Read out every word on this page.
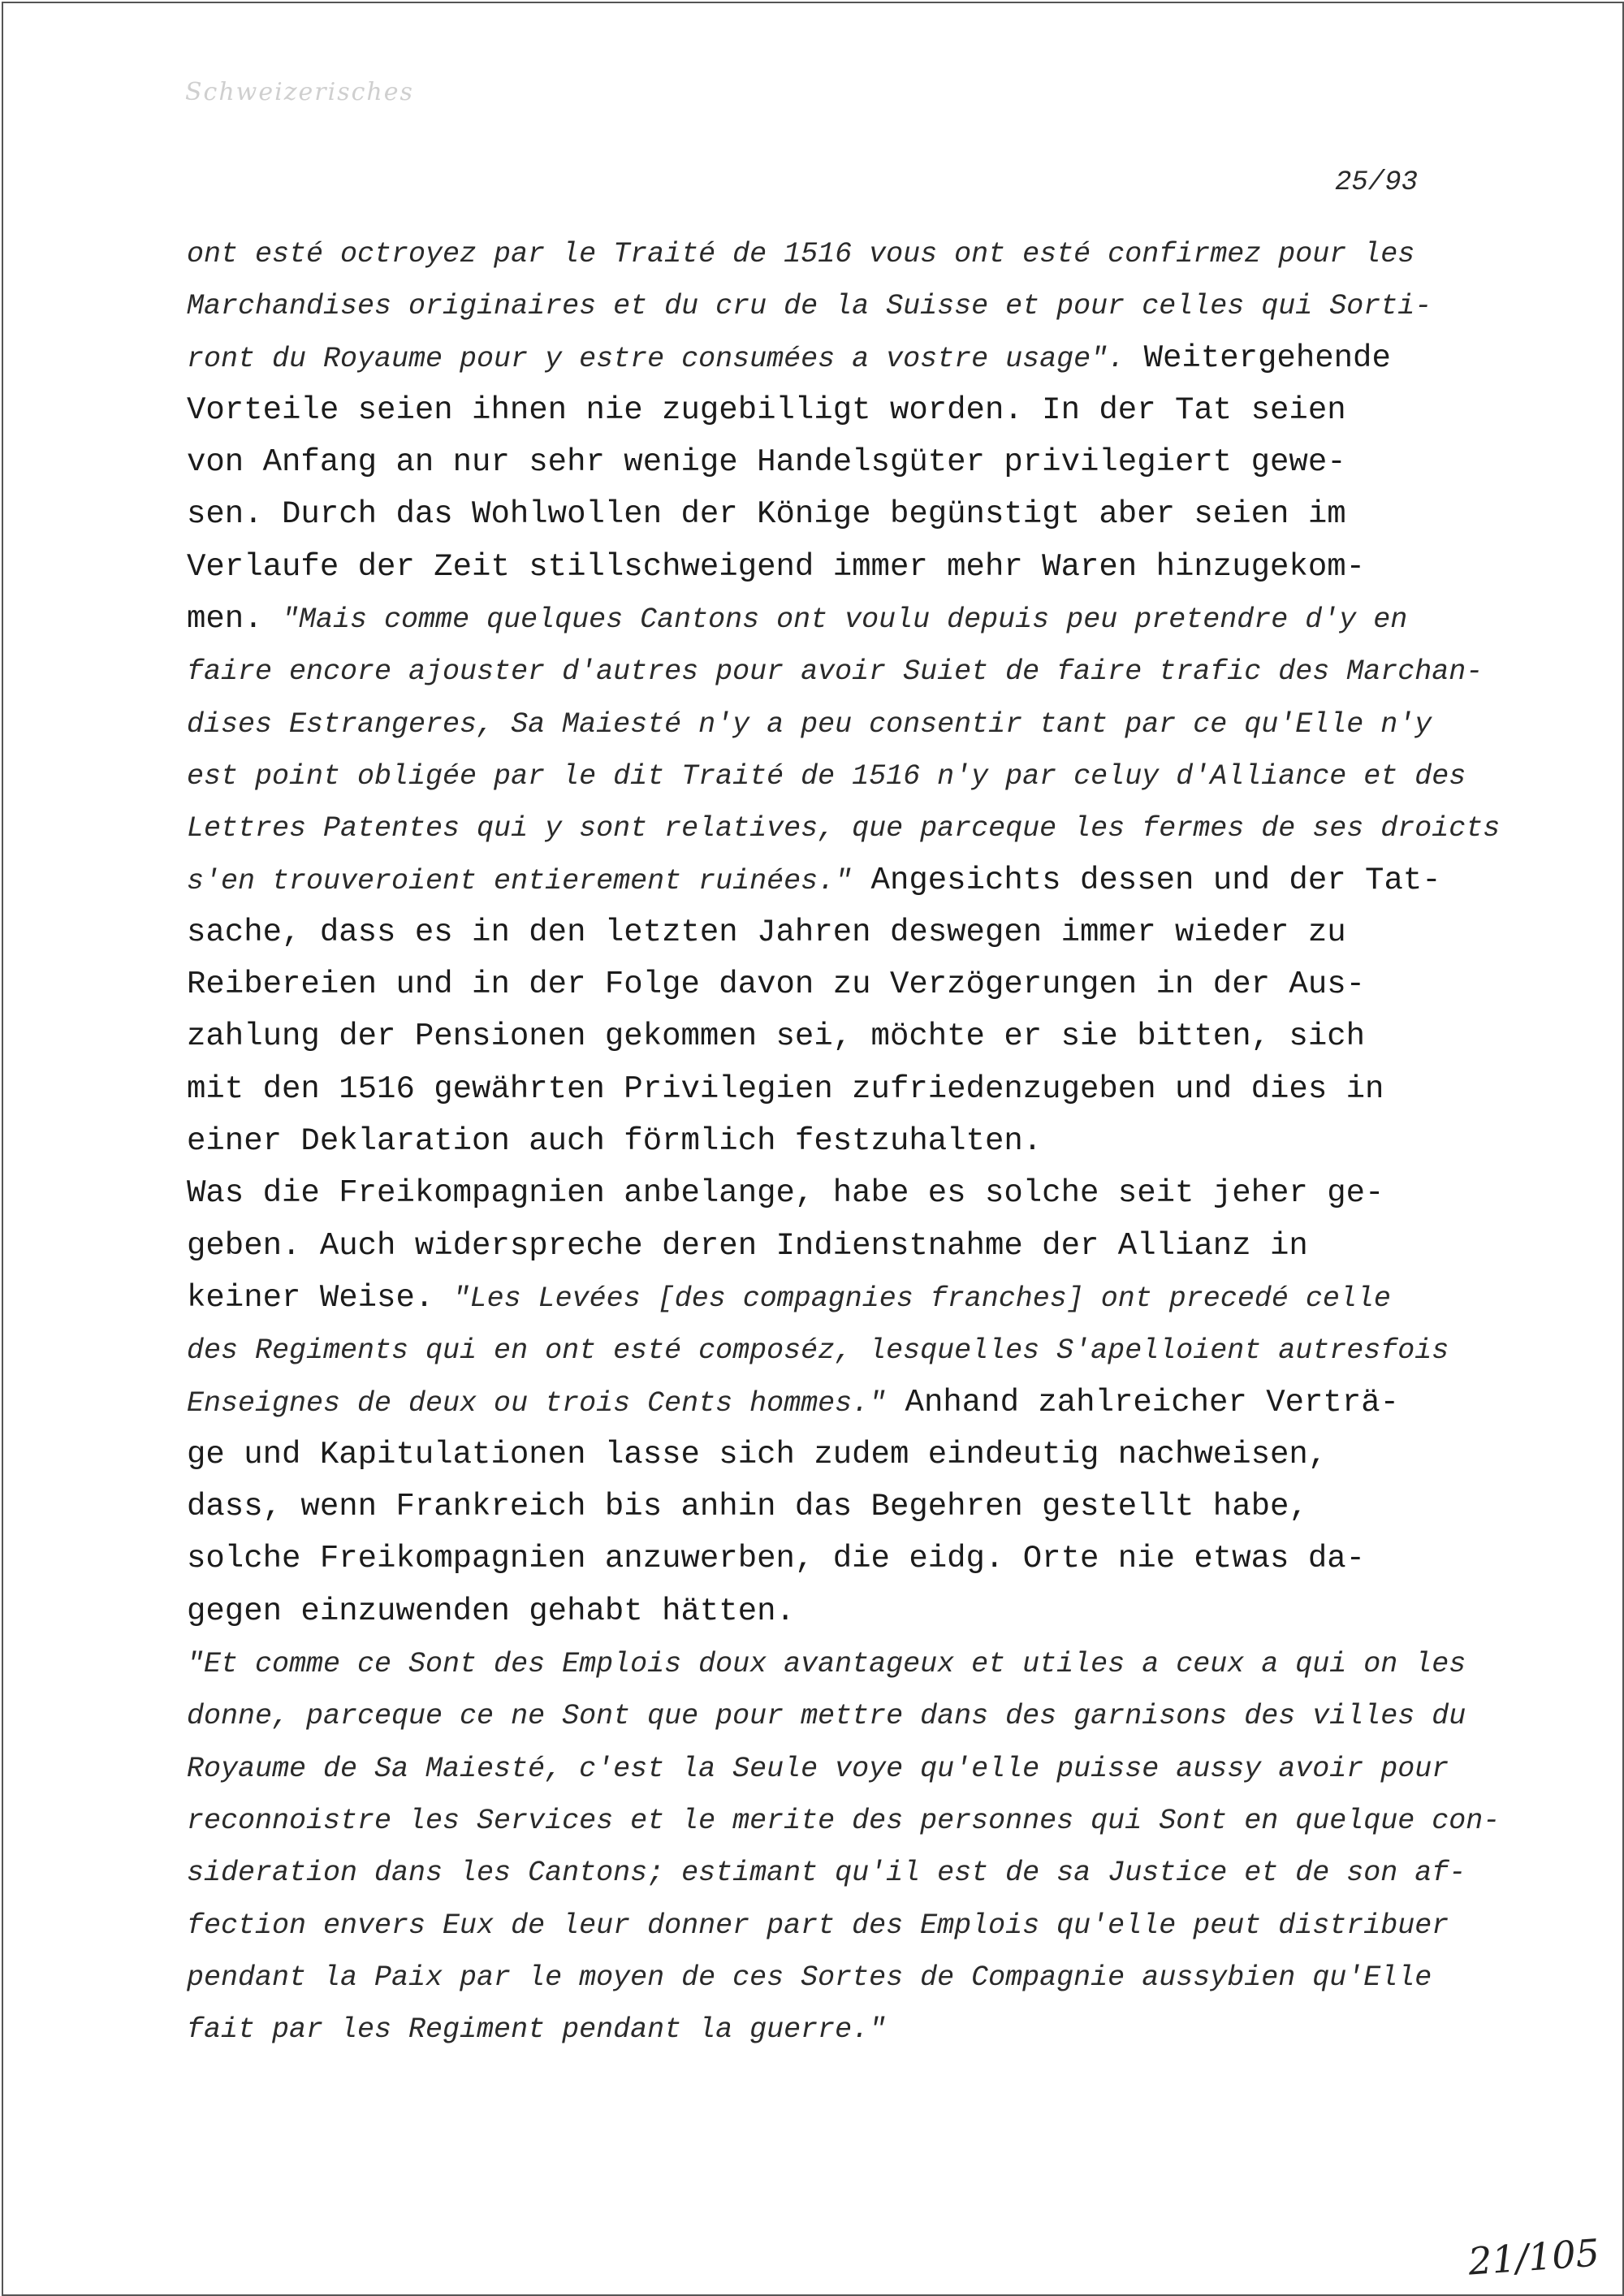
Schweizerisches
25/93
ont esté octroyez par le Traité de 1516 vous ont esté confirmez pour les
Marchandises originaires et du cru de la Suisse et pour celles qui Sorti-
ront du Royaume pour y estre consumées a vostre usage". Weitergehende
Vorteile seien ihnen nie zugebilligt worden. In der Tat seien
von Anfang an nur sehr wenige Handelsgüter privilegiert gewe-
sen. Durch das Wohlwollen der Könige begünstigt aber seien im
Verlaufe der Zeit stillschweigend immer mehr Waren hinzugekom-
men. "Mais comme quelques Cantons ont voulu depuis peu pretendre d'y en
faire encore ajouster d'autres pour avoir Suiet de faire trafic des Marchan-
dises Estrangeres, Sa Maiesté n'y a peu consentir tant par ce qu'Elle n'y
est point obligée par le dit Traité de 1516 n'y par celuy d'Alliance et des
Lettres Patentes qui y sont relatives, que parceque les fermes de ses droicts
s'en trouveroient entierement ruinées." Angesichts dessen und der Tat-
sache, dass es in den letzten Jahren deswegen immer wieder zu
Reibereien und in der Folge davon zu Verzögerungen in der Aus-
zahlung der Pensionen gekommen sei, möchte er sie bitten, sich
mit den 1516 gewährten Privilegien zufriedenzugeben und dies in
einer Deklaration auch förmlich festzuhalten.
Was die Freikompagnien anbelange, habe es solche seit jeher ge-
geben. Auch widerspreche deren Indienstnahme der Allianz in
keiner Weise. "Les Levées [des compagnies franches] ont precedé celle
des Regiments qui en ont esté composéz, lesquelles S'apelloient autresfois
Enseignes de deux ou trois Cents hommes." Anhand zahlreicher Verträ-
ge und Kapitulationen lasse sich zudem eindeutig nachweisen,
dass, wenn Frankreich bis anhin das Begehren gestellt habe,
solche Freikompagnien anzuwerben, die eidg. Orte nie etwas da-
gegen einzuwenden gehabt hätten.
"Et comme ce Sont des Emplois doux avantageux et utiles a ceux a qui on les
donne, parceque ce ne Sont que pour mettre dans des garnisons des villes du
Royaume de Sa Maiesté, c'est la Seule voye qu'elle puisse aussy avoir pour
reconnoistre les Services et le merite des personnes qui Sont en quelque con-
sideration dans les Cantons; estimant qu'il est de sa Justice et de son af-
fection envers Eux de leur donner part des Emplois qu'elle peut distribuer
pendant la Paix par le moyen de ces Sortes de Compagnie aussybien qu'Elle
fait par les Regiment pendant la guerre."
21/105
